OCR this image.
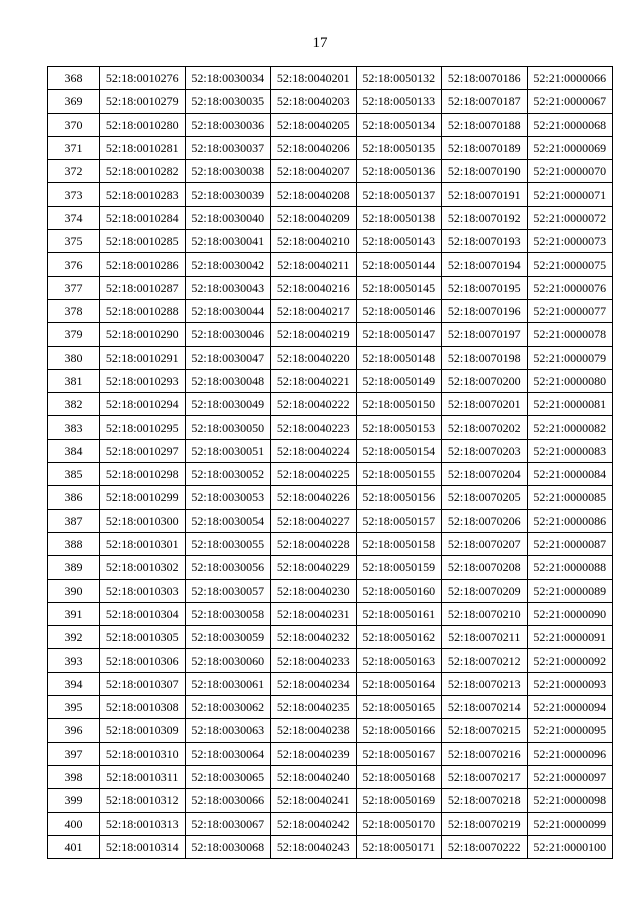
17
368	52:18:0010276	52:18:0030034	52:18:0040201	52:18:0050132	52:18:0070186	52:21:0000066
369	52:18:0010279	52:18:0030035	52:18:0040203	52:18:0050133	52:18:0070187	52:21:0000067
370	52:18:0010280	52:18:0030036	52:18:0040205	52:18:0050134	52:18:0070188	52:21:0000068
371	52:18:0010281	52:18:0030037	52:18:0040206	52:18:0050135	52:18:0070189	52:21:0000069
372	52:18:0010282	52:18:0030038	52:18:0040207	52:18:0050136	52:18:0070190	52:21:0000070
373	52:18:0010283	52:18:0030039	52:18:0040208	52:18:0050137	52:18:0070191	52:21:0000071
374	52:18:0010284	52:18:0030040	52:18:0040209	52:18:0050138	52:18:0070192	52:21:0000072
375	52:18:0010285	52:18:0030041	52:18:0040210	52:18:0050143	52:18:0070193	52:21:0000073
376	52:18:0010286	52:18:0030042	52:18:0040211	52:18:0050144	52:18:0070194	52:21:0000075
377	52:18:0010287	52:18:0030043	52:18:0040216	52:18:0050145	52:18:0070195	52:21:0000076
378	52:18:0010288	52:18:0030044	52:18:0040217	52:18:0050146	52:18:0070196	52:21:0000077
379	52:18:0010290	52:18:0030046	52:18:0040219	52:18:0050147	52:18:0070197	52:21:0000078
380	52:18:0010291	52:18:0030047	52:18:0040220	52:18:0050148	52:18:0070198	52:21:0000079
381	52:18:0010293	52:18:0030048	52:18:0040221	52:18:0050149	52:18:0070200	52:21:0000080
382	52:18:0010294	52:18:0030049	52:18:0040222	52:18:0050150	52:18:0070201	52:21:0000081
383	52:18:0010295	52:18:0030050	52:18:0040223	52:18:0050153	52:18:0070202	52:21:0000082
384	52:18:0010297	52:18:0030051	52:18:0040224	52:18:0050154	52:18:0070203	52:21:0000083
385	52:18:0010298	52:18:0030052	52:18:0040225	52:18:0050155	52:18:0070204	52:21:0000084
386	52:18:0010299	52:18:0030053	52:18:0040226	52:18:0050156	52:18:0070205	52:21:0000085
387	52:18:0010300	52:18:0030054	52:18:0040227	52:18:0050157	52:18:0070206	52:21:0000086
388	52:18:0010301	52:18:0030055	52:18:0040228	52:18:0050158	52:18:0070207	52:21:0000087
389	52:18:0010302	52:18:0030056	52:18:0040229	52:18:0050159	52:18:0070208	52:21:0000088
390	52:18:0010303	52:18:0030057	52:18:0040230	52:18:0050160	52:18:0070209	52:21:0000089
391	52:18:0010304	52:18:0030058	52:18:0040231	52:18:0050161	52:18:0070210	52:21:0000090
392	52:18:0010305	52:18:0030059	52:18:0040232	52:18:0050162	52:18:0070211	52:21:0000091
393	52:18:0010306	52:18:0030060	52:18:0040233	52:18:0050163	52:18:0070212	52:21:0000092
394	52:18:0010307	52:18:0030061	52:18:0040234	52:18:0050164	52:18:0070213	52:21:0000093
395	52:18:0010308	52:18:0030062	52:18:0040235	52:18:0050165	52:18:0070214	52:21:0000094
396	52:18:0010309	52:18:0030063	52:18:0040238	52:18:0050166	52:18:0070215	52:21:0000095
397	52:18:0010310	52:18:0030064	52:18:0040239	52:18:0050167	52:18:0070216	52:21:0000096
398	52:18:0010311	52:18:0030065	52:18:0040240	52:18:0050168	52:18:0070217	52:21:0000097
399	52:18:0010312	52:18:0030066	52:18:0040241	52:18:0050169	52:18:0070218	52:21:0000098
400	52:18:0010313	52:18:0030067	52:18:0040242	52:18:0050170	52:18:0070219	52:21:0000099
401	52:18:0010314	52:18:0030068	52:18:0040243	52:18:0050171	52:18:0070222	52:21:0000100
